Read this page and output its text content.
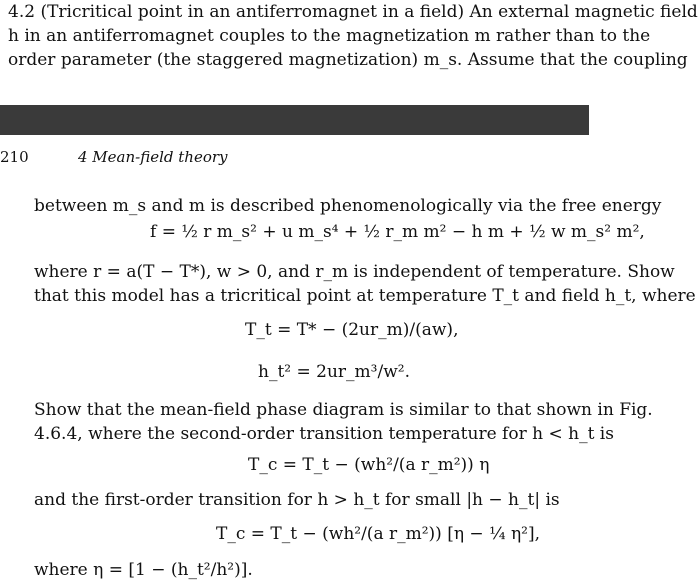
4.2 (Tricritical point in an antiferromagnet in a field) An external magnetic field
h in an antiferromagnet couples to the magnetization m rather than to the
order parameter (the staggered magnetization) m_s. Assume that the coupling
210	4 Mean-field theory
between m_s and m is described phenomenologically via the free energy
f = ½ r m_s² + u m_s⁴ + ½ r_m m² − h m + ½ w m_s² m²,
where r = a(T − T*), w > 0, and r_m is independent of temperature. Show
that this model has a tricritical point at temperature T_t and field h_t, where
T_t = T* − (2ur_m)/(aw),
h_t² = 2ur_m³/w².
Show that the mean-field phase diagram is similar to that shown in Fig.
4.6.4, where the second-order transition temperature for h < h_t is
T_c = T_t − (wh²/(a r_m²)) η
and the first-order transition for h > h_t for small |h − h_t| is
T_c = T_t − (wh²/(a r_m²)) [η − ¼ η²],
where η = [1 − (h_t²/h²)].
